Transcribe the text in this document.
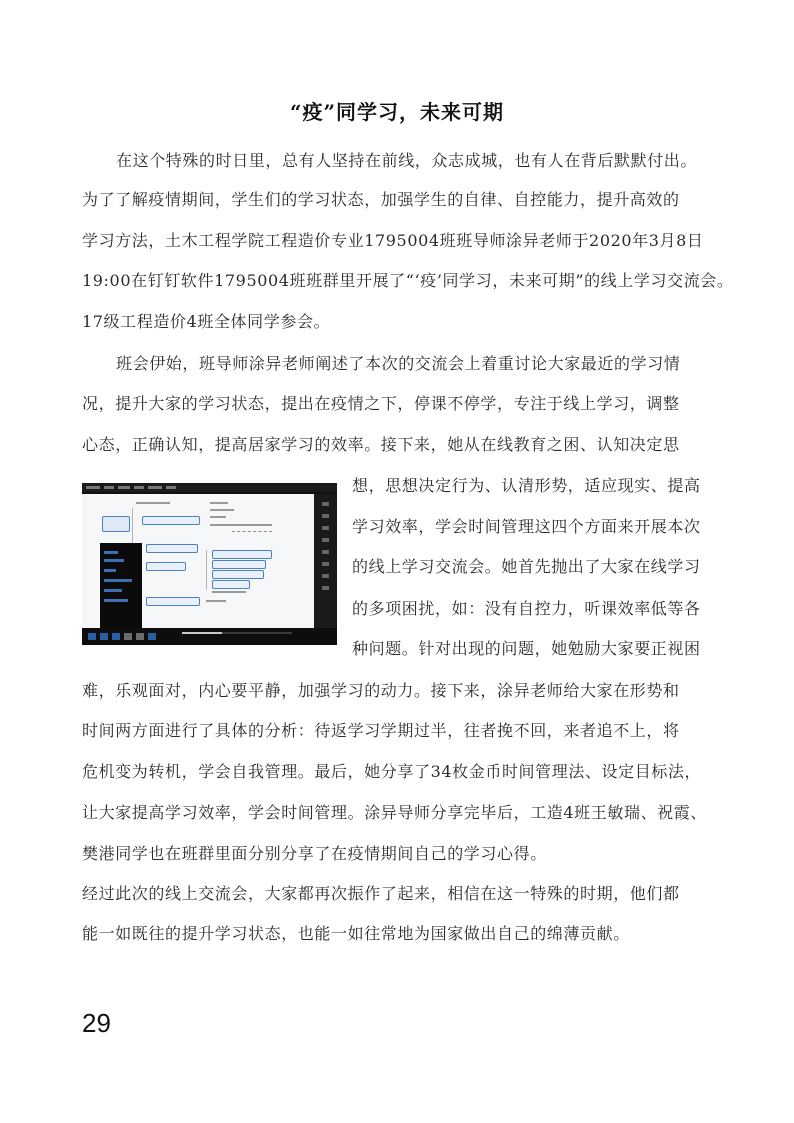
“疫”同学习，未来可期
在这个特殊的时日里，总有人坚持在前线，众志成城，也有人在背后默默付出。
为了了解疫情期间，学生们的学习状态，加强学生的自律、自控能力，提升高效的
学习方法，土木工程学院工程造价专业1795004班班导师涂异老师于2020年3月8日
19:00在钉钉软件1795004班班群里开展了“‘疫’同学习，未来可期”的线上学习交流会。
17级工程造价4班全体同学参会。
班会伊始，班导师涂异老师阐述了本次的交流会上着重讨论大家最近的学习情
况，提升大家的学习状态，提出在疫情之下，停课不停学，专注于线上学习，调整
心态，正确认知，提高居家学习的效率。接下来，她从在线教育之困、认知决定思
想，思想决定行为、认清形势，适应现实、提高
学习效率，学会时间管理这四个方面来开展本次
的线上学习交流会。她首先抛出了大家在线学习
的多项困扰，如：没有自控力，听课效率低等各
种问题。针对出现的问题，她勉励大家要正视困
难，乐观面对，内心要平静，加强学习的动力。接下来，涂异老师给大家在形势和
时间两方面进行了具体的分析：待返学习学期过半，往者挽不回，来者追不上，将
危机变为转机，学会自我管理。最后，她分享了34枚金币时间管理法、设定目标法，
让大家提高学习效率，学会时间管理。涂异导师分享完毕后，工造4班王敏瑞、祝霞、
樊港同学也在班群里面分别分享了在疫情期间自己的学习心得。
经过此次的线上交流会，大家都再次振作了起来，相信在这一特殊的时期，他们都
能一如既往的提升学习状态，也能一如往常地为国家做出自己的绵薄贡献。
29
